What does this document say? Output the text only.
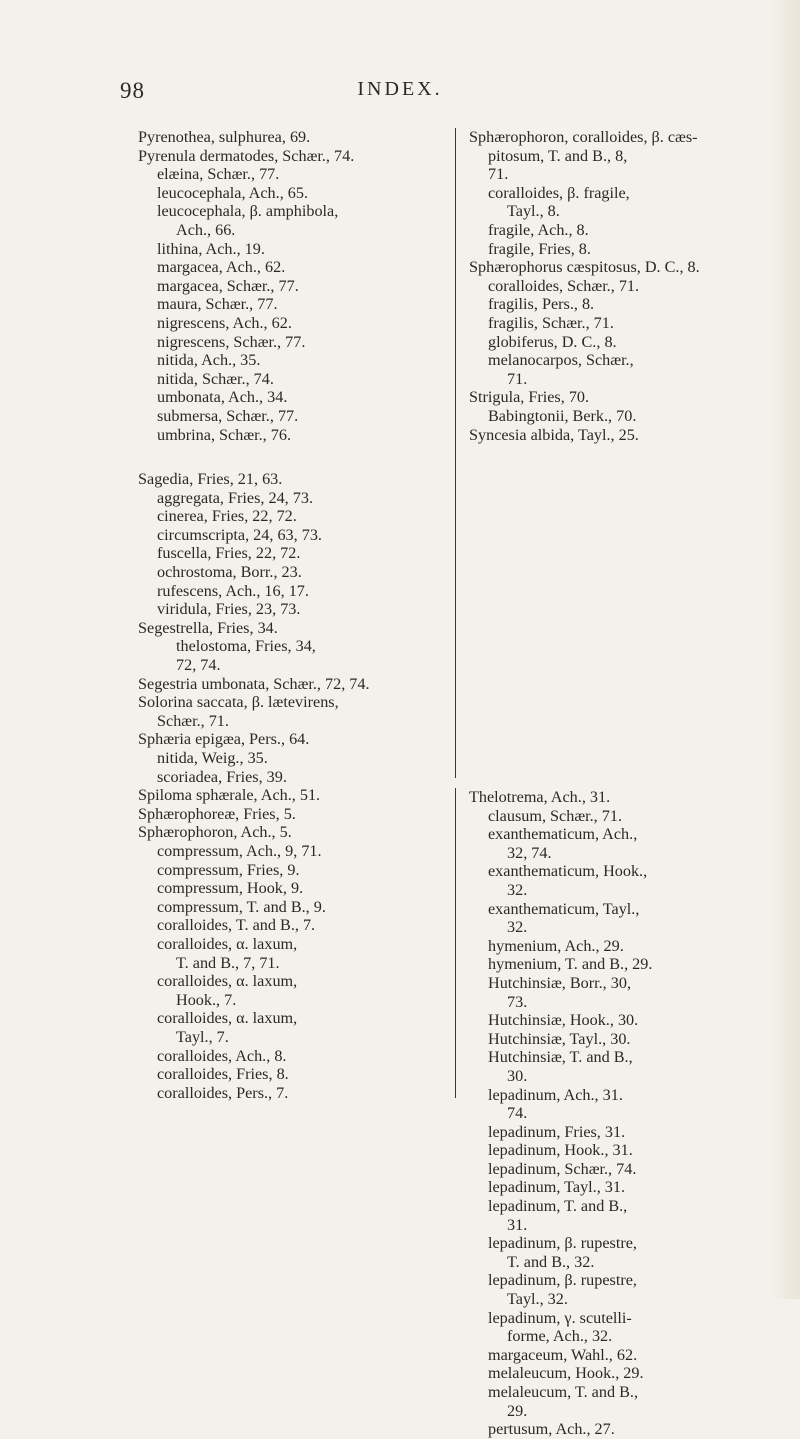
98	INDEX.
Pyrenothea, sulphurea, 69.
Pyrenula dermatodes, Schær., 74.
elæina, Schær., 77.
leucocephala, Ach., 65.
leucocephala, β. amphibola,
Ach., 66.
lithina, Ach., 19.
margacea, Ach., 62.
margacea, Schær., 77.
maura, Schær., 77.
nigrescens, Ach., 62.
nigrescens, Schær., 77.
nitida, Ach., 35.
nitida, Schær., 74.
umbonata, Ach., 34.
submersa, Schær., 77.
umbrina, Schær., 76.
Sagedia, Fries, 21, 63.
aggregata, Fries, 24, 73.
cinerea, Fries, 22, 72.
circumscripta, 24, 63, 73.
fuscella, Fries, 22, 72.
ochrostoma, Borr., 23.
rufescens, Ach., 16, 17.
viridula, Fries, 23, 73.
Segestrella, Fries, 34.
thelostoma, Fries, 34,
72, 74.
Segestria umbonata, Schær., 72, 74.
Solorina saccata, β. lætevirens,
Schær., 71.
Sphæria epigæa, Pers., 64.
nitida, Weig., 35.
scoriadea, Fries, 39.
Spiloma sphærale, Ach., 51.
Sphærophoreæ, Fries, 5.
Sphærophoron, Ach., 5.
compressum, Ach., 9, 71.
compressum, Fries, 9.
compressum, Hook, 9.
compressum, T. and B., 9.
coralloides, T. and B., 7.
coralloides, α. laxum,
T. and B., 7, 71.
coralloides, α. laxum,
Hook., 7.
coralloides, α. laxum,
Tayl., 7.
coralloides, Ach., 8.
coralloides, Fries, 8.
coralloides, Pers., 7.
Sphærophoron, coralloides, β. cæs-
pitosum, T. and B., 8,
71.
coralloides, β. fragile,
Tayl., 8.
fragile, Ach., 8.
fragile, Fries, 8.
Sphærophorus cæspitosus, D. C., 8.
coralloides, Schær., 71.
fragilis, Pers., 8.
fragilis, Schær., 71.
globiferus, D. C., 8.
melanocarpos, Schær.,
71.
Strigula, Fries, 70.
Babingtonii, Berk., 70.
Syncesia albida, Tayl., 25.
Thelotrema, Ach., 31.
clausum, Schær., 71.
exanthematicum, Ach.,
32, 74.
exanthematicum, Hook.,
32.
exanthematicum, Tayl.,
32.
hymenium, Ach., 29.
hymenium, T. and B., 29.
Hutchinsiæ, Borr., 30,
73.
Hutchinsiæ, Hook., 30.
Hutchinsiæ, Tayl., 30.
Hutchinsiæ, T. and B.,
30.
lepadinum, Ach., 31.
74.
lepadinum, Fries, 31.
lepadinum, Hook., 31.
lepadinum, Schær., 74.
lepadinum, Tayl., 31.
lepadinum, T. and B.,
31.
lepadinum, β. rupestre,
T. and B., 32.
lepadinum, β. rupestre,
Tayl., 32.
lepadinum, γ. scutelli-
forme, Ach., 32.
margaceum, Wahl., 62.
melaleucum, Hook., 29.
melaleucum, T. and B.,
29.
pertusum, Ach., 27.
